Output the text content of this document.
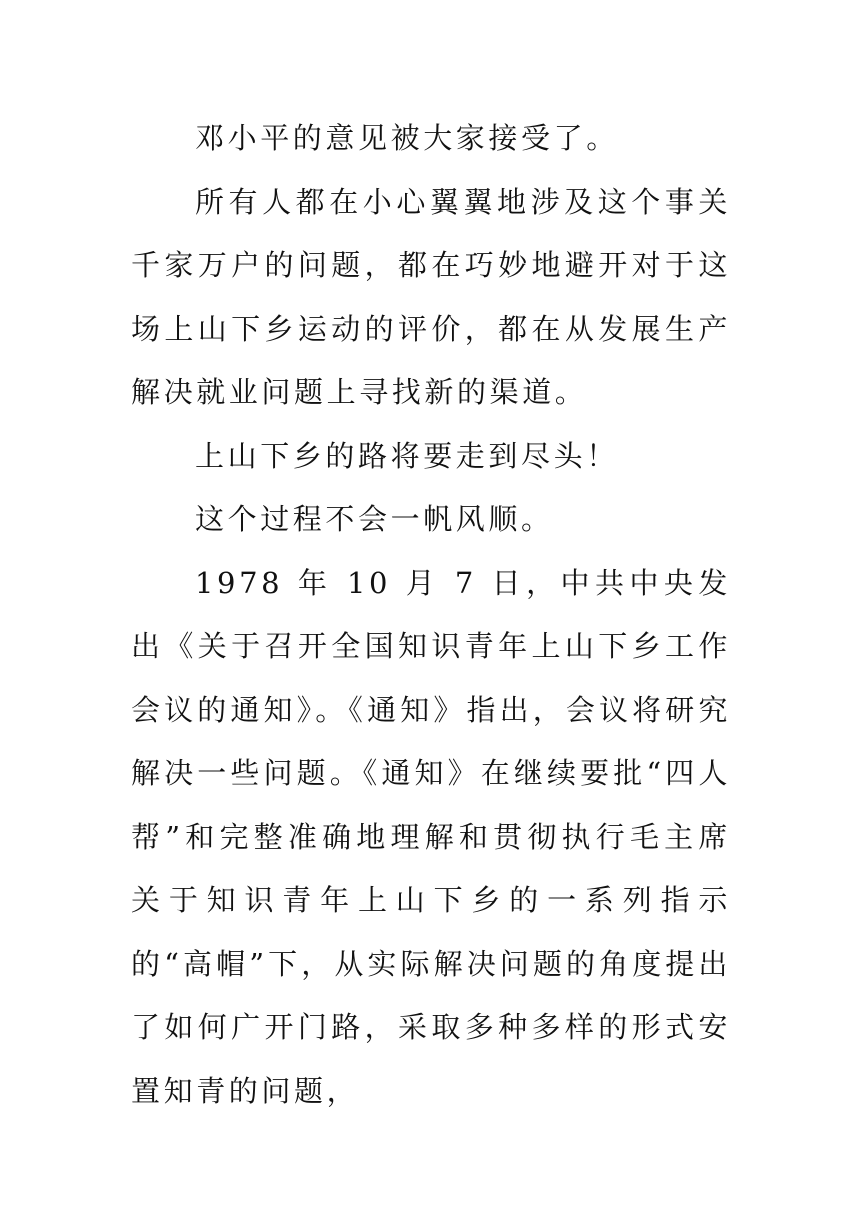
邓小平的意见被大家接受了。

所有人都在小心翼翼地涉及这个事关千家万户的问题，都在巧妙地避开对于这场上山下乡运动的评价，都在从发展生产解决就业问题上寻找新的渠道。

上山下乡的路将要走到尽头！

这个过程不会一帆风顺。

1978 年 10 月 7 日，中共中央发出《关于召开全国知识青年上山下乡工作会议的通知》。《通知》指出，会议将研究解决一些问题。《通知》在继续要批“四人帮”和完整准确地理解和贯彻执行毛主席关于知识青年上山下乡的一系列指示的“高帽”下，从实际解决问题的角度提出了如何广开门路，采取多种多样的形式安置知青的问题，
